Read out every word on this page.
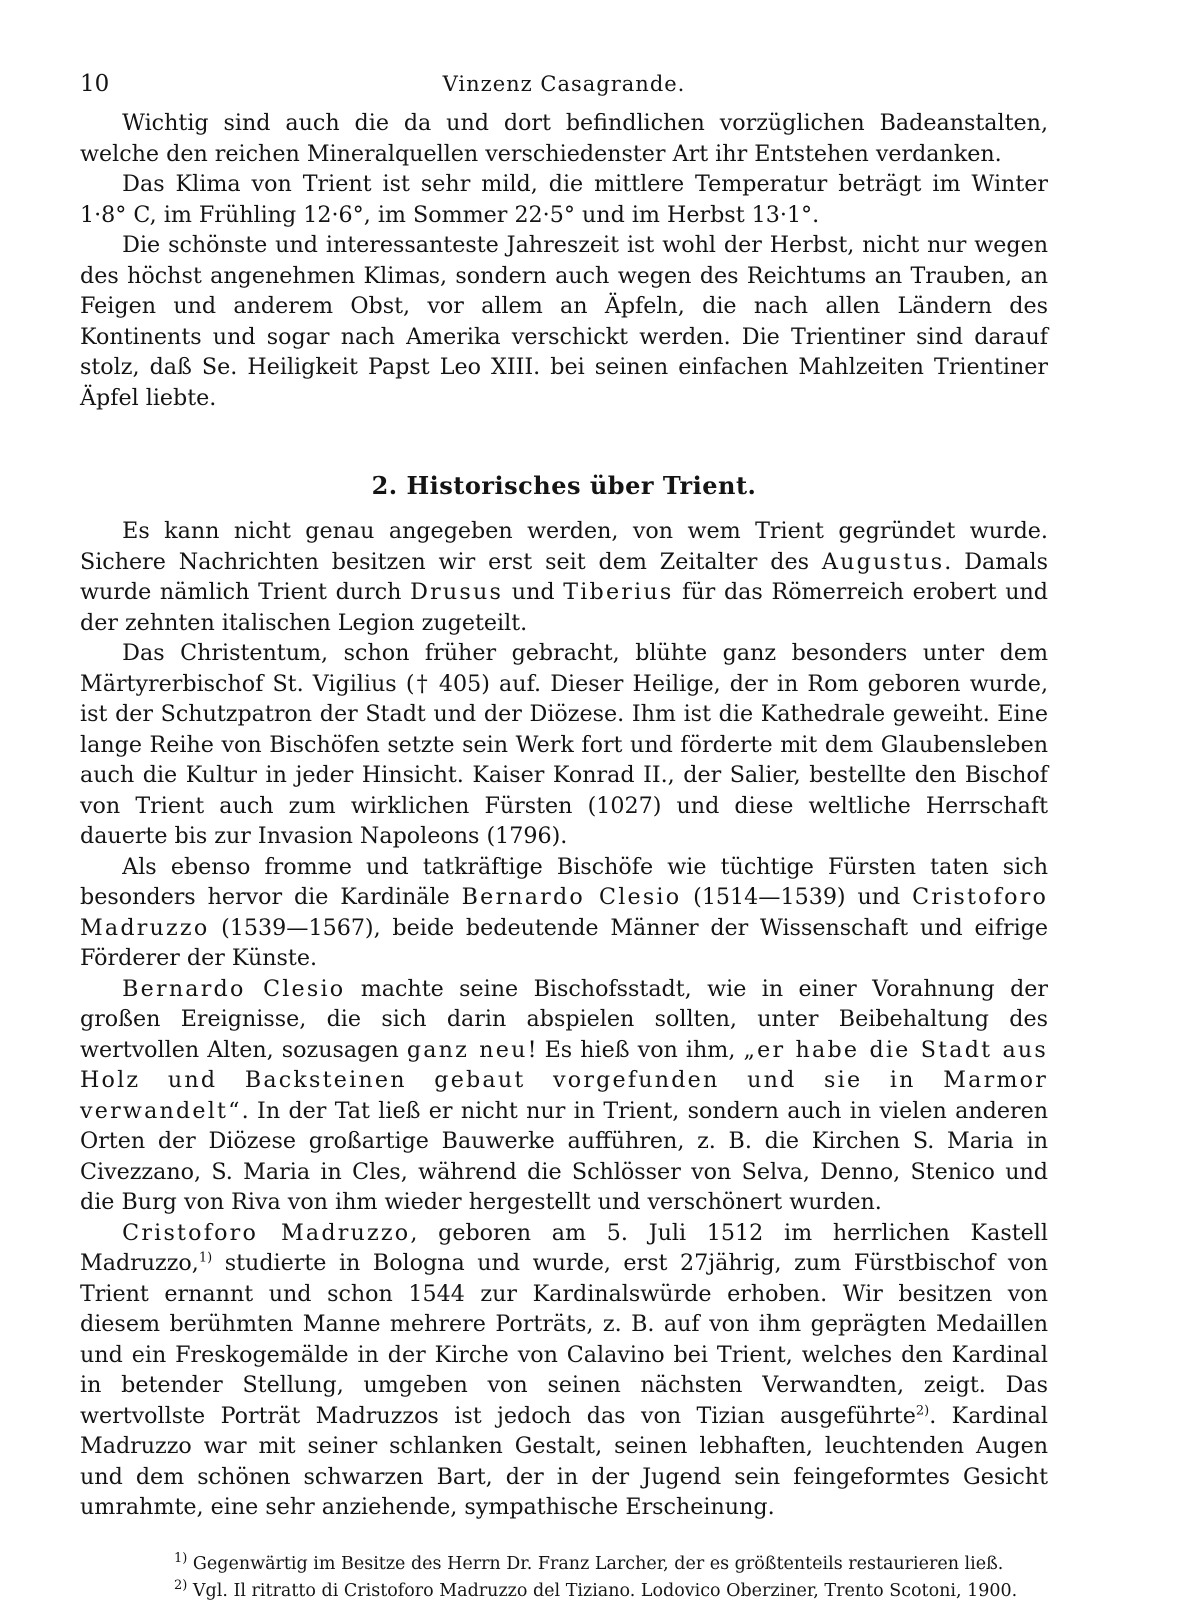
10	Vinzenz Casagrande.

Wichtig sind auch die da und dort befindlichen vorzüglichen Badeanstalten, welche den reichen Mineralquellen verschiedenster Art ihr Entstehen verdanken.

Das Klima von Trient ist sehr mild, die mittlere Temperatur beträgt im Winter 1·8° C, im Frühling 12·6°, im Sommer 22·5° und im Herbst 13·1°.

Die schönste und interessanteste Jahreszeit ist wohl der Herbst, nicht nur wegen des höchst angenehmen Klimas, sondern auch wegen des Reichtums an Trauben, an Feigen und anderem Obst, vor allem an Äpfeln, die nach allen Ländern des Kontinents und sogar nach Amerika verschickt werden. Die Trientiner sind darauf stolz, daß Se. Heiligkeit Papst Leo XIII. bei seinen einfachen Mahlzeiten Trientiner Äpfel liebte.

2. Historisches über Trient.

Es kann nicht genau angegeben werden, von wem Trient gegründet wurde. Sichere Nachrichten besitzen wir erst seit dem Zeitalter des Augustus. Damals wurde nämlich Trient durch Drusus und Tiberius für das Römerreich erobert und der zehnten italischen Legion zugeteilt.

Das Christentum, schon früher gebracht, blühte ganz besonders unter dem Märtyrerbischof St. Vigilius († 405) auf. Dieser Heilige, der in Rom geboren wurde, ist der Schutzpatron der Stadt und der Diözese. Ihm ist die Kathedrale geweiht. Eine lange Reihe von Bischöfen setzte sein Werk fort und förderte mit dem Glaubensleben auch die Kultur in jeder Hinsicht. Kaiser Konrad II., der Salier, bestellte den Bischof von Trient auch zum wirklichen Fürsten (1027) und diese weltliche Herrschaft dauerte bis zur Invasion Napoleons (1796).

Als ebenso fromme und tatkräftige Bischöfe wie tüchtige Fürsten taten sich besonders hervor die Kardinäle Bernardo Clesio (1514—1539) und Cristoforo Madruzzo (1539—1567), beide bedeutende Männer der Wissenschaft und eifrige Förderer der Künste.

Bernardo Clesio machte seine Bischofsstadt, wie in einer Vorahnung der großen Ereignisse, die sich darin abspielen sollten, unter Beibehaltung des wertvollen Alten, sozusagen ganz neu! Es hieß von ihm, „er habe die Stadt aus Holz und Backsteinen gebaut vorgefunden und sie in Marmor verwandelt“. In der Tat ließ er nicht nur in Trient, sondern auch in vielen anderen Orten der Diözese großartige Bauwerke aufführen, z. B. die Kirchen S. Maria in Civezzano, S. Maria in Cles, während die Schlösser von Selva, Denno, Stenico und die Burg von Riva von ihm wieder hergestellt und verschönert wurden.

Cristoforo Madruzzo, geboren am 5. Juli 1512 im herrlichen Kastell Madruzzo,$^{1)}$ studierte in Bologna und wurde, erst 27jährig, zum Fürstbischof von Trient ernannt und schon 1544 zur Kardinalswürde erhoben. Wir besitzen von diesem berühmten Manne mehrere Porträts, z. B. auf von ihm geprägten Medaillen und ein Freskogemälde in der Kirche von Calavino bei Trient, welches den Kardinal in betender Stellung, umgeben von seinen nächsten Verwandten, zeigt. Das wertvollste Porträt Madruzzos ist jedoch das von Tizian ausgeführte$^{2)}$. Kardinal Madruzzo war mit seiner schlanken Gestalt, seinen lebhaften, leuchtenden Augen und dem schönen schwarzen Bart, der in der Jugend sein feingeformtes Gesicht umrahmte, eine sehr anziehende, sympathische Erscheinung.

$^{1)}$ Gegenwärtig im Besitze des Herrn Dr. Franz Larcher, der es größtenteils restaurieren ließ.

$^{2)}$ Vgl. Il ritratto di Cristoforo Madruzzo del Tiziano. Lodovico Oberziner, Trento Scotoni, 1900.
